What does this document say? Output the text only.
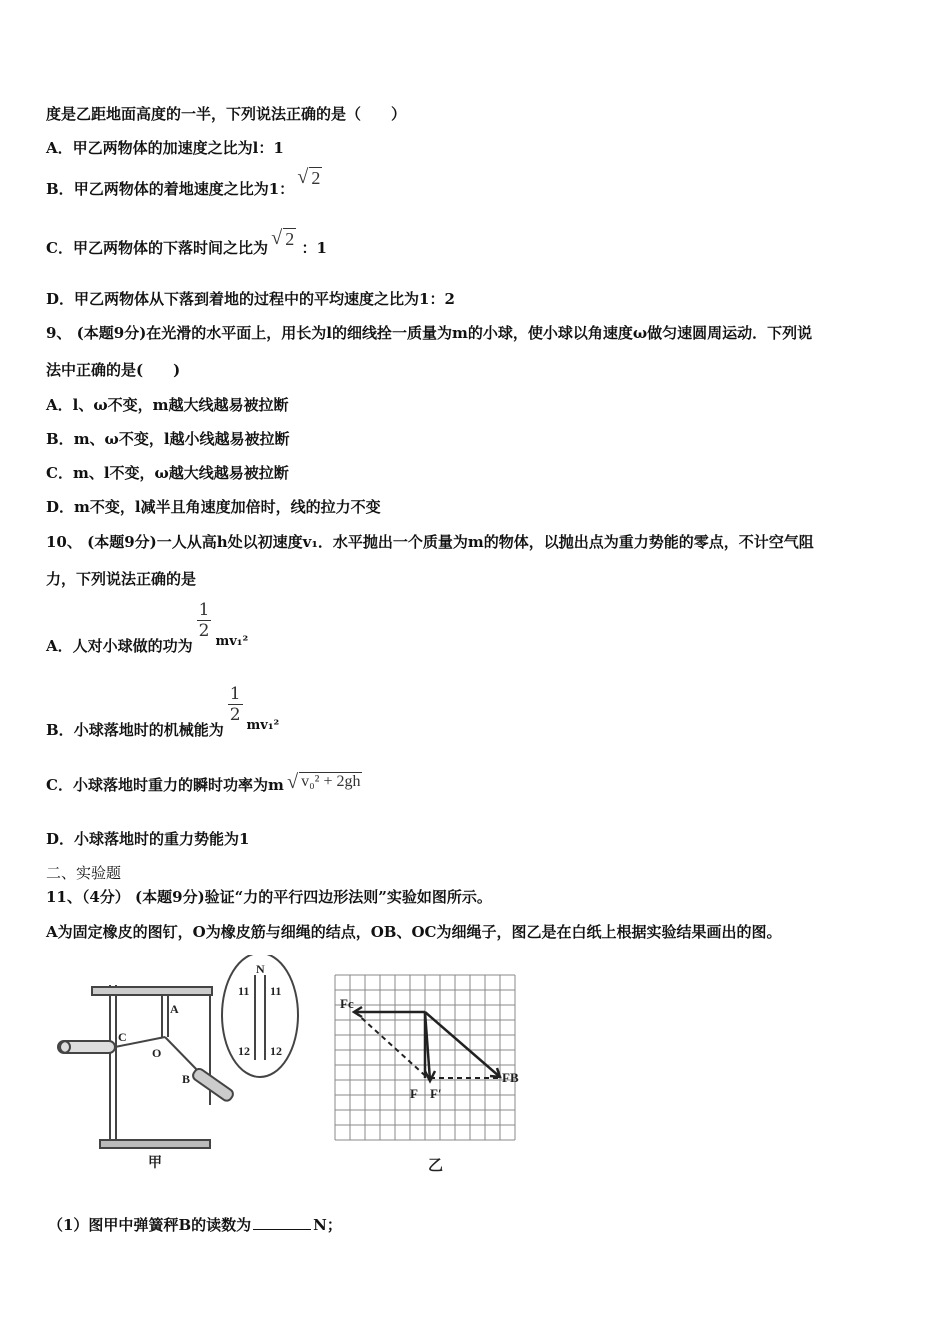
度是乙距地面高度的一半，下列说法正确的是（　　）
A．甲乙两物体的加速度之比为l：1
B．甲乙两物体的着地速度之比为1： √ 2
C．甲乙两物体的下落时间之比为 √ 2 ：1
D．甲乙两物体从下落到着地的过程中的平均速度之比为1：2
9、 (本题9分)在光滑的水平面上，用长为l的细线拴一质量为m的小球，使小球以角速度ω做匀速圆周运动．下列说
法中正确的是(　　)
A．l、ω不变，m越大线越易被拉断
B．m、ω不变，l越小线越易被拉断
C．m、l不变，ω越大线越易被拉断
D．m不变，l减半且角速度加倍时，线的拉力不变
10、 (本题9分)一人从高h处以初速度v₁．水平抛出一个质量为m的物体，以抛出点为重力势能的零点，不计空气阻
力，下列说法正确的是
A．人对小球做的功为
$\frac{1}{2} mv_1^2$
B．小球落地时的机械能为
$\frac{1}{2} mv_1^2$
C．小球落地时重力的瞬时功率为m √ v₀² + 2gh
D．小球落地时的重力势能为1
二、实验题
11、（4分） (本题9分)验证“力的平行四边形法则”实验如图所示。
A为固定橡皮的图钉，O为橡皮筋与细绳的结点，OB、OC为细绳子，图乙是在白纸上根据实验结果画出的图。
A
C
O
B
N
11 11
12 12
甲
Fc
FB
F F′
乙
（1）图甲中弹簧秤B的读数为	N；
